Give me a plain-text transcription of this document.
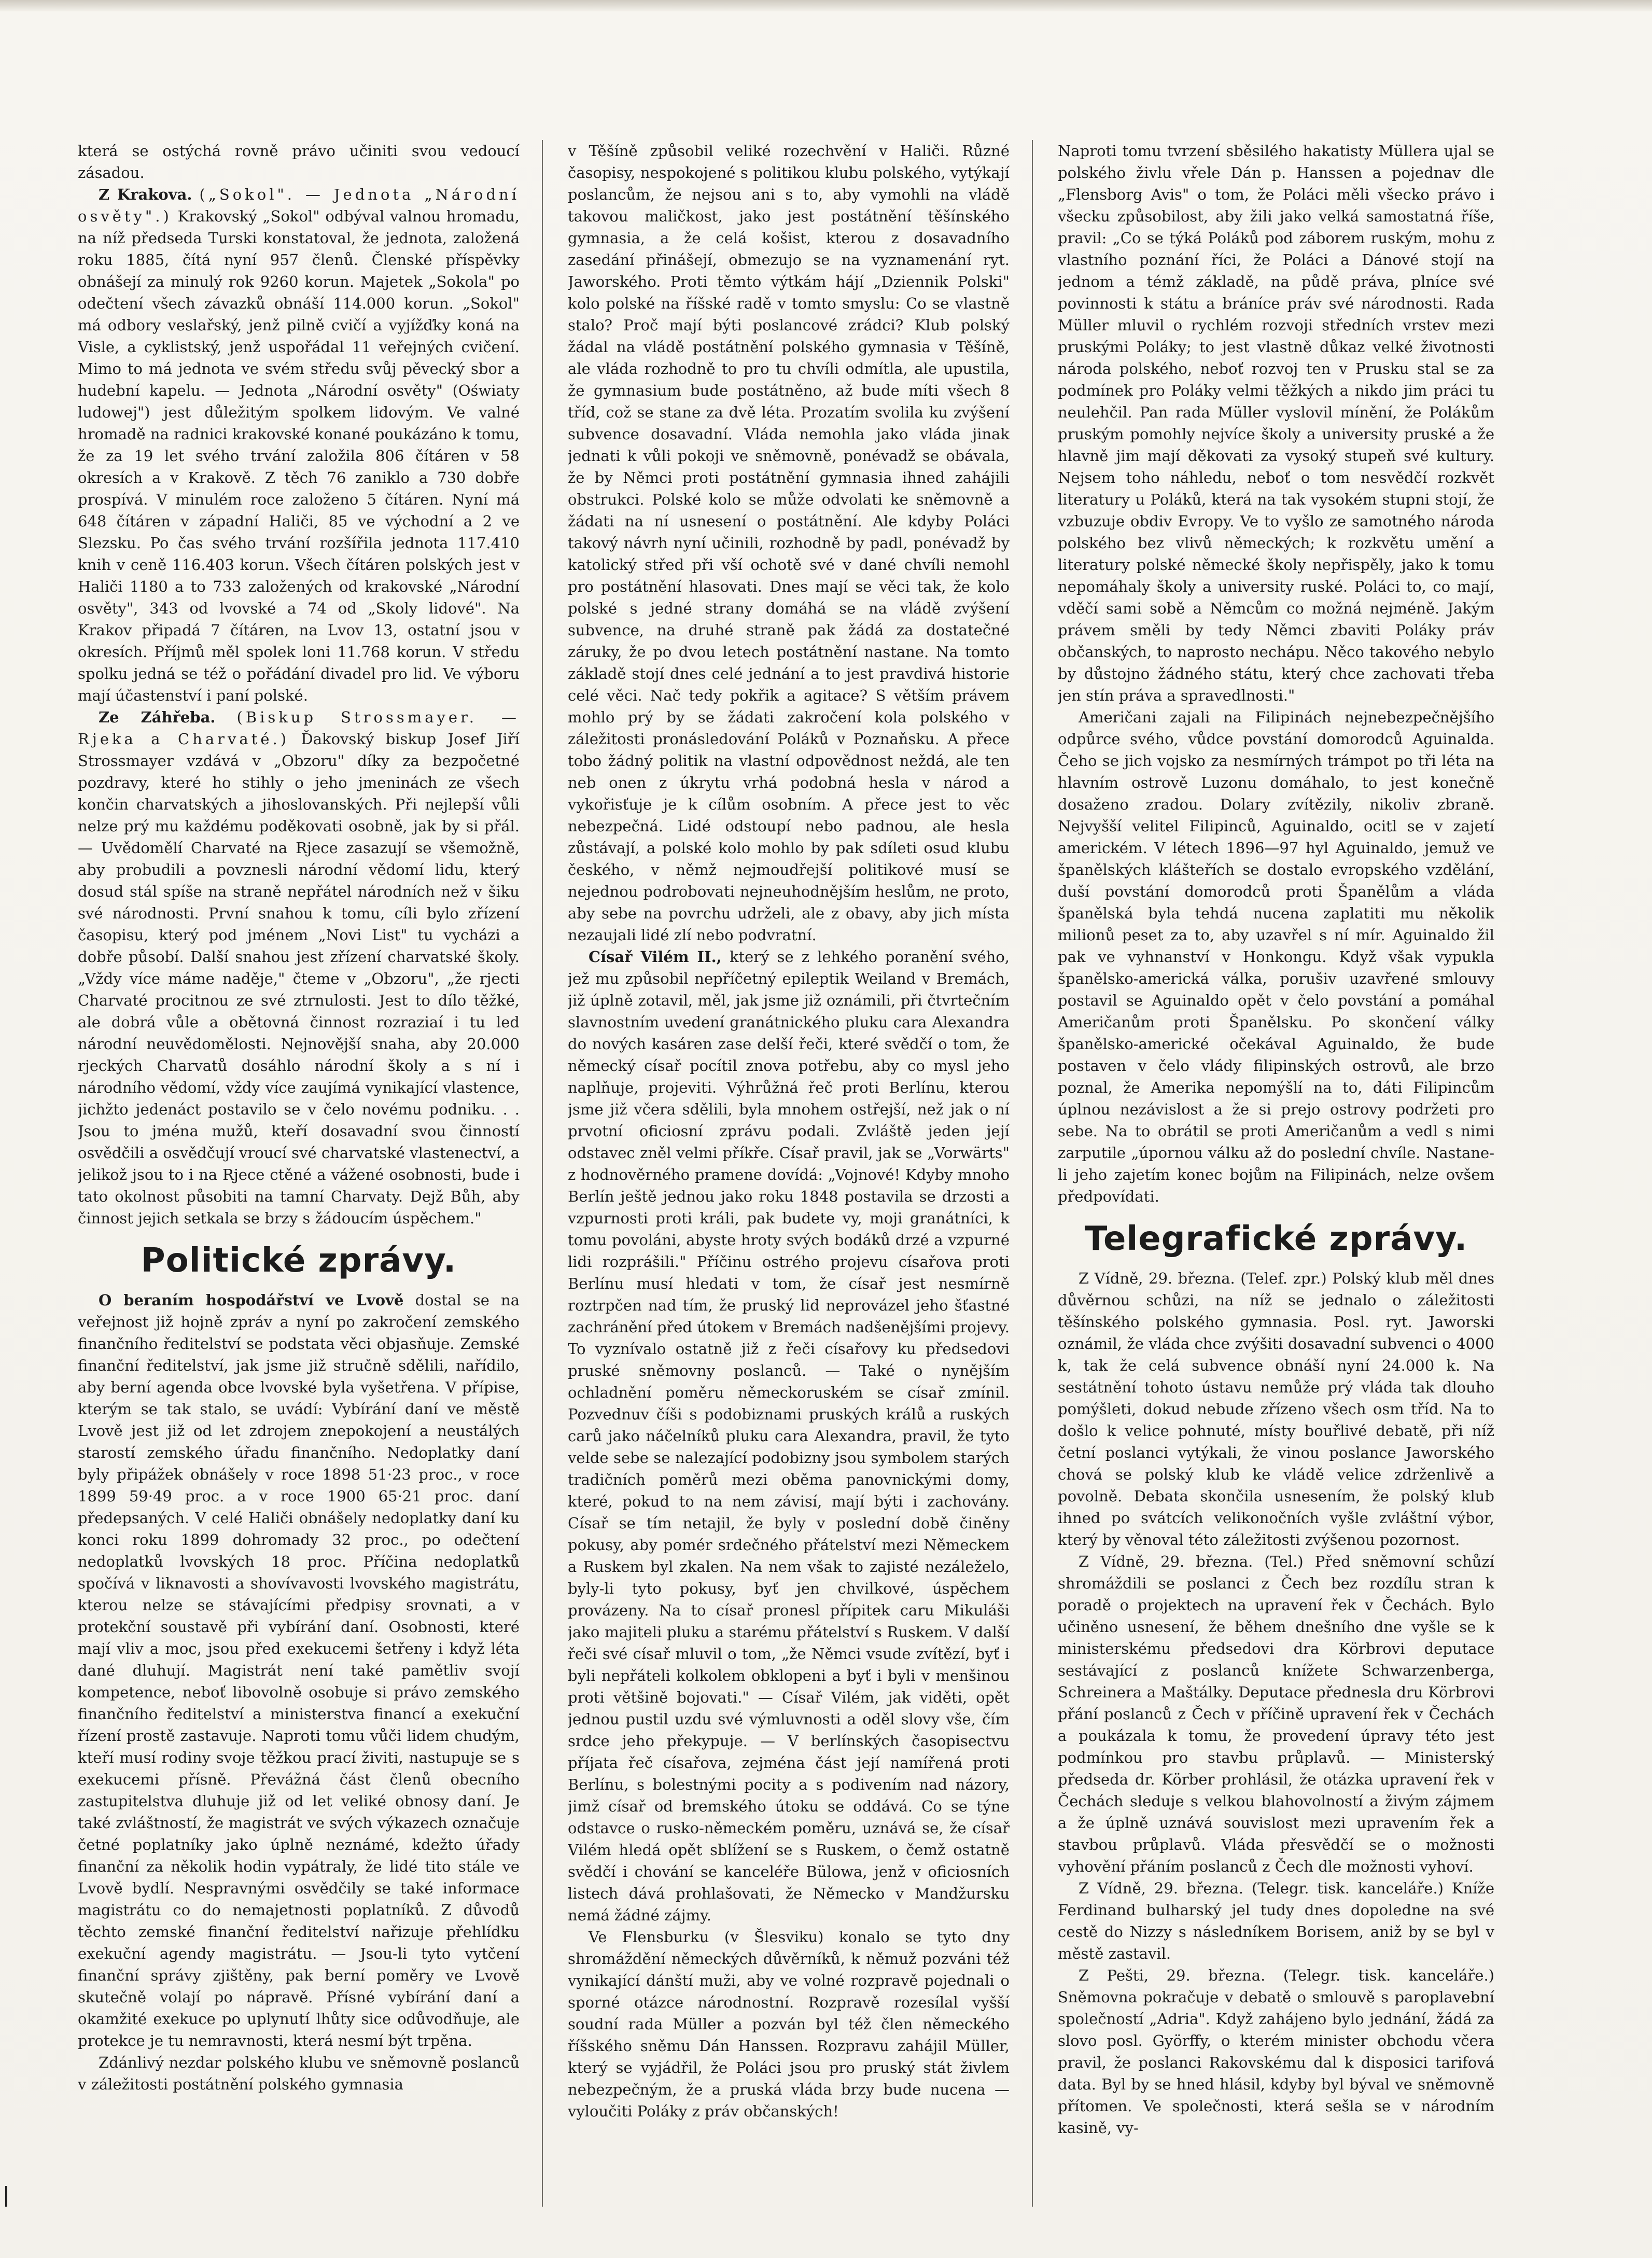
která se ostýchá rovně právo učiniti svou vedoucí zásadou.

Z Krakova. („Sokol". — Jednota „Národní osvěty".) Krakovský „Sokol" odbýval valnou hromadu, na níž předseda Turski konstatoval, že jednota, založená roku 1885, čítá nyní 957 členů. Členské příspěvky obnášejí za minulý rok 9260 korun. Majetek „Sokola" po odečtení všech závazků obnáší 114.000 korun. „Sokol" má odbory veslařský, jenž pilně cvičí a vyjížďky koná na Visle, a cyklistský, jenž uspořádal 11 veřejných cvičení. Mimo to má jednota ve svém středu svůj pěvecký sbor a hudební kapelu. — Jednota „Národní osvěty" (Oświaty ludowej") jest důležitým spolkem lidovým. Ve valné hromadě na radnici krakovské konané poukázáno k tomu, že za 19 let svého trvání založila 806 čítáren v 58 okresích a v Krakově. Z těch 76 zaniklo a 730 dobře prospívá. V minulém roce založeno 5 čítáren. Nyní má 648 čítáren v západní Haliči, 85 ve východní a 2 ve Slezsku. Po čas svého trvání rozšířila jednota 117.410 knih v ceně 116.403 korun. Všech čítáren polských jest v Haliči 1180 a to 733 založených od krakovské „Národní osvěty", 343 od lvovské a 74 od „Skoly lidové". Na Krakov připadá 7 čítáren, na Lvov 13, ostatní jsou v okresích. Příjmů měl spolek loni 11.768 korun. V středu spolku jedná se též o pořádání divadel pro lid. Ve výboru mají účastenství i paní polské.

Ze Záhřeba. (Biskup Strossmayer. — Rjeka a Charvaté.) Ďakovský biskup Josef Jiří Strossmayer vzdává v „Obzoru" díky za bezpočetné pozdravy, které ho stihly o jeho jmeninách ze všech končin charvatských a jihoslovanských. Při nejlepší vůli nelze prý mu každému poděkovati osobně, jak by si přál. — Uvědomělí Charvaté na Rjece zasazují se všemožně, aby probudili a povznesli národní vědomí lidu, který dosud stál spíše na straně nepřátel národních než v šiku své národnosti. První snahou k tomu, cíli bylo zřízení časopisu, který pod jménem „Novi List" tu vycházi a dobře působí. Další snahou jest zřízení charvatské školy. „Vždy více máme naděje," čteme v „Obzoru", „že rjecti Charvaté procitnou ze své ztrnulosti. Jest to dílo těžké, ale dobrá vůle a obětovná činnost rozraziaí i tu led národní neuvědomělosti. Nejnovější snaha, aby 20.000 rjeckých Charvatů dosáhlo národní školy a s ní i národního vědomí, vždy více zaujímá vynikající vlastence, jichžto jedenáct postavilo se v čelo novému podniku. . . Jsou to jména mužů, kteří dosavadní svou činností osvědčili a osvědčují vroucí své charvatské vlastenectví, a jelikož jsou to i na Rjece ctěné a vážené osobnosti, bude i tato okolnost působiti na tamní Charvaty. Dejž Bůh, aby činnost jejich setkala se brzy s žádoucím úspěchem."

Politické zprávy.

O beraním hospodářství ve Lvově dostal se na veřejnost již hojně zpráv a nyní po zakročení zemského finančního ředitelství se podstata věci objasňuje. Zemské finanční ředitelství, jak jsme již stručně sdělili, nařídilo, aby berní agenda obce lvovské byla vyšetřena. V přípise, kterým se tak stalo, se uvádí: Vybírání daní ve městě Lvově jest již od let zdrojem znepokojení a neustálých starostí zemského úřadu finančního. Nedoplatky daní byly připážek obnášely v roce 1898 51·23 proc., v roce 1899 59·49 proc. a v roce 1900 65·21 proc. daní předepsaných. V celé Haliči obnášely nedoplatky daní ku konci roku 1899 dohromady 32 proc., po odečtení nedoplatků lvovských 18 proc. Příčina nedoplatků spočívá v liknavosti a shovívavosti lvovského magistrátu, kterou nelze se stávajícími předpisy srovnati, a v protekční soustavě při vybírání daní. Osobnosti, které mají vliv a moc, jsou před exekucemi šetřeny i když léta dané dluhují. Magistrát není také pamětliv svojí kompetence, neboť libovolně osobuje si právo zemského finančního ředitelství a ministerstva financí a exekuční řízení prostě zastavuje. Naproti tomu vůči lidem chudým, kteří musí rodiny svoje těžkou prací živiti, nastupuje se s exekucemi přísně. Převážná část členů obecního zastupitelstva dluhuje již od let veliké obnosy daní. Je také zvláštností, že magistrát ve svých výkazech označuje četné poplatníky jako úplně neznámé, kdežto úřady finanční za několik hodin vypátraly, že lidé tito stále ve Lvově bydlí. Nespravnými osvědčily se také informace magistrátu co do nemajetnosti poplatníků. Z důvodů těchto zemské finanční ředitelství nařizuje přehlídku exekuční agendy magistrátu. — Jsou-li tyto vytčení finanční správy zjištěny, pak berní poměry ve Lvově skutečně volají po nápravě. Přísné vybírání daní a okamžité exekuce po uplynutí lhůty sice odůvodňuje, ale protekce je tu nemravnosti, která nesmí být trpěna.

Zdánlivý nezdar polského klubu ve sněmovně poslanců v záležitosti postátnění polského gymnasia

v Těšíně způsobil veliké rozechvění v Haliči. Různé časopisy, nespokojené s politikou klubu polského, vytýkají poslancům, že nejsou ani s to, aby vymohli na vládě takovou maličkost, jako jest postátnění těšínského gymnasia, a že celá košist, kterou z dosavadního zasedání přinášejí, obmezujo se na vyznamenání ryt. Jaworského. Proti těmto výtkám hájí „Dziennik Polski" kolo polské na říšské radě v tomto smyslu: Co se vlastně stalo? Proč mají býti poslancové zrádci? Klub polský žádal na vládě postátnění polského gymnasia v Těšíně, ale vláda rozhodně to pro tu chvíli odmítla, ale upustila, že gymnasium bude postátněno, až bude míti všech 8 tříd, což se stane za dvě léta. Prozatím svolila ku zvýšení subvence dosavadní. Vláda nemohla jako vláda jinak jednati k vůli pokoji ve sněmovně, ponévadž se obávala, že by Němci proti postátnění gymnasia ihned zahájili obstrukci. Polské kolo se může odvolati ke sněmovně a žádati na ní usnesení o postátnění. Ale kdyby Poláci takový návrh nyní učinili, rozhodně by padl, ponévadž by katolický střed při vší ochotě své v dané chvíli nemohl pro postátnění hlasovati. Dnes mají se věci tak, že kolo polské s jedné strany domáhá se na vládě zvýšení subvence, na druhé straně pak žádá za dostatečné záruky, že po dvou letech postátnění nastane. Na tomto základě stojí dnes celé jednání a to jest pravdivá historie celé věci. Nač tedy pokřik a agitace? S větším právem mohlo prý by se žádati zakročení kola polského v záležitosti pronásledování Poláků v Poznaňsku. A přece tobo žádný politik na vlastní odpovědnost neždá, ale ten neb onen z úkrytu vrhá podobná hesla v národ a vykořisťuje je k cílům osobním. A přece jest to věc nebezpečná. Lidé odstoupí nebo padnou, ale hesla zůstávají, a polské kolo mohlo by pak sdíleti osud klubu českého, v němž nejmoudřejší politikové musí se nejednou podrobovati nejneuhodnějším heslům, ne proto, aby sebe na povrchu udrželi, ale z obavy, aby jich místa nezaujali lidé zlí nebo podvratní.

Císař Vilém II., který se z lehkého poranění svého, jež mu způsobil nepříčetný epileptik Weiland v Bremách, již úplně zotavil, měl, jak jsme již oznámili, při čtvrtečním slavnostním uvedení granátnického pluku cara Alexandra do nových kasáren zase delší řeči, které svědčí o tom, že německý císař pocítil znova potřebu, aby co mysl jeho naplňuje, projeviti. Výhrůžná řeč proti Berlínu, kterou jsme již včera sdělili, byla mnohem ostřejší, než jak o ní prvotní oficiosní zprávu podali. Zvláště jeden její odstavec zněl velmi příkře. Císař pravil, jak se „Vorwärts" z hodnověrného pramene dovídá: „Vojnové! Kdyby mnoho Berlín ještě jednou jako roku 1848 postavila se drzosti a vzpurnosti proti králi, pak budete vy, moji granátníci, k tomu povoláni, abyste hroty svých bodáků drzé a vzpurné lidi rozprášili." Příčinu ostrého projevu císařova proti Berlínu musí hledati v tom, že císař jest nesmírně roztrpčen nad tím, že pruský lid neprovázel jeho šťastné zachránění před útokem v Bremách nadšenějšími projevy. To vyznívalo ostatně již z řeči císařovy ku předsedovi pruské sněmovny poslanců. — Také o nynějším ochladnění poměru německoruském se císař zmínil. Pozvednuv číši s podobiznami pruských králů a ruských carů jako náčelníků pluku cara Alexandra, pravil, že tyto velde sebe se nalezající podobizny jsou symbolem starých tradičních poměrů mezi oběma panovnickými domy, které, pokud to na nem závisí, mají býti i zachovány. Císař se tím netajil, že byly v poslední době činěny pokusy, aby pomér srdečného přátelství mezi Německem a Ruskem byl zkalen. Na nem však to zajisté nezáleželo, byly-li tyto pokusy, byť jen chvilkové, úspěchem provázeny. Na to císař pronesl přípitek caru Mikuláši jako majiteli pluku a starému přátelství s Ruskem. V další řeči své císař mluvil o tom, „že Němci vsude zvítězí, byť i byli nepřáteli kolkolem obklopeni a byť i byli v menšinou proti většině bojovati." — Císař Vilém, jak viděti, opět jednou pustil uzdu své výmluvnosti a oděl slovy vše, čím srdce jeho překypuje. — V berlínských časopisectvu příjata řeč císařova, zejména část její namířená proti Berlínu, s bolestnými pocity a s podivením nad názory, jimž císař od bremského útoku se oddává. Co se týne odstavce o rusko-německém poměru, uznává se, že císař Vilém hledá opět sblížení se s Ruskem, o čemž ostatně svědčí i chování se kanceléře Bülowa, jenž v oficiosních listech dává prohlašovati, že Německo v Mandžursku nemá žádné zájmy.

Ve Flensburku (v Šlesviku) konalo se tyto dny shromáždění německých důvěrníků, k němuž pozváni též vynikající dánští muži, aby ve volné rozpravě pojednali o sporné otázce národnostní. Rozpravě rozesílal vyšší soudní rada Müller a pozván byl též člen německého říšského sněmu Dán Hanssen. Rozpravu zahájil Müller, který se vyjádřil, že Poláci jsou pro pruský stát živlem nebezpečným, že a pruská vláda brzy bude nucena — vyloučiti Poláky z práv občanských!

Naproti tomu tvrzení sběsilého hakatisty Müllera ujal se polského živlu vřele Dán p. Hanssen a pojednav dle „Flensborg Avis" o tom, že Poláci měli všecko právo i všecku způsobilost, aby žili jako velká samostatná říše, pravil: „Co se týká Poláků pod záborem ruským, mohu z vlastního poznání říci, že Poláci a Dánové stojí na jednom a témž základě, na půdě práva, plníce své povinnosti k státu a bráníce práv své národnosti. Rada Müller mluvil o rychlém rozvoji středních vrstev mezi pruskými Poláky; to jest vlastně důkaz velké životnosti národa polského, neboť rozvoj ten v Prusku stal se za podmínek pro Poláky velmi těžkých a nikdo jim práci tu neulehčil. Pan rada Müller vyslovil mínění, že Polákům pruským pomohly nejvíce školy a university pruské a že hlavně jim mají děkovati za vysoký stupeň své kultury. Nejsem toho náhledu, neboť o tom nesvědčí rozkvět literatury u Poláků, která na tak vysokém stupni stojí, že vzbuzuje obdiv Evropy. Ve to vyšlo ze samotného národa polského bez vlivů německých; k rozkvětu umění a literatury polské německé školy nepřispěly, jako k tomu nepomáhaly školy a university ruské. Poláci to, co mají, vděčí sami sobě a Němcům co možná nejméně. Jakým právem směli by tedy Němci zbaviti Poláky práv občanských, to naprosto nechápu. Něco takového nebylo by důstojno žádného státu, který chce zachovati třeba jen stín práva a spravedlnosti."

Američani zajali na Filipinách nejnebezpečnějšího odpůrce svého, vůdce povstání domorodců Aguinalda. Čeho se jich vojsko za nesmírných trámpot po tři léta na hlavním ostrově Luzonu domáhalo, to jest konečně dosaženo zradou. Dolary zvítězily, nikoliv zbraně. Nejvyšší velitel Filipinců, Aguinaldo, ocitl se v zajetí americkém. V létech 1896—97 hyl Aguinaldo, jemuž ve španělských klášteřích se dostalo evropského vzdělání, duší povstání domorodců proti Španělům a vláda španělská byla tehdá nucena zaplatiti mu několik milionů peset za to, aby uzavřel s ní mír. Aguinaldo žil pak ve vyhnanství v Honkongu. Když však vypukla španělsko-americká válka, porušiv uzavřené smlouvy postavil se Aguinaldo opět v čelo povstání a pomáhal Američanům proti Španělsku. Po skončení války španělsko-americké očekával Aguinaldo, že bude postaven v čelo vlády filipinských ostrovů, ale brzo poznal, že Amerika nepomýšlí na to, dáti Filipincům úplnou nezávislost a že si prejo ostrovy podržeti pro sebe. Na to obrátil se proti Američanům a vedl s nimi zarputile „úpornou válku až do poslední chvíle. Nastane-li jeho zajetím konec bojům na Filipinách, nelze ovšem předpovídati.

Telegrafické zprávy.

Z Vídně, 29. března. (Telef. zpr.) Polský klub měl dnes důvěrnou schůzi, na níž se jednalo o záležitosti těšínského polského gymnasia. Posl. ryt. Jaworski oznámil, že vláda chce zvýšiti dosavadní subvenci o 4000 k, tak že celá subvence obnáší nyní 24.000 k. Na sestátnění tohoto ústavu nemůže prý vláda tak dlouho pomýšleti, dokud nebude zřízeno všech osm tříd. Na to došlo k velice pohnuté, místy bouřlivé debatě, při níž četní poslanci vytýkali, že vinou poslance Jaworského chová se polský klub ke vládě velice zdrženlivě a povolně. Debata skončila usnesením, že polský klub ihned po svátcích velikonočních vyšle zvláštní výbor, který by věnoval této záležitosti zvýšenou pozornost.

Z Vídně, 29. března. (Tel.) Před sněmovní schůzí shromáždili se poslanci z Čech bez rozdílu stran k poradě o projektech na upravení řek v Čechách. Bylo učiněno usnesení, že během dnešního dne vyšle se k ministerskému předsedovi dra Körbrovi deputace sestávající z poslanců knížete Schwarzenberga, Schreinera a Maštálky. Deputace přednesla dru Körbrovi přání poslanců z Čech v příčině upravení řek v Čechách a poukázala k tomu, že provedení úpravy této jest podmínkou pro stavbu průplavů. — Ministerský předseda dr. Körber prohlásil, že otázka upravení řek v Čechách sleduje s velkou blahovolností a živým zájmem a že úplně uznává souvislost mezi upravením řek a stavbou průplavů. Vláda přesvědčí se o možnosti vyhovění přáním poslanců z Čech dle možnosti vyhoví.

Z Vídně, 29. března. (Telegr. tisk. kanceláře.) Kníže Ferdinand bulharský jel tudy dnes dopoledne na své cestě do Nizzy s následníkem Borisem, aniž by se byl v městě zastavil.

Z Pešti, 29. března. (Telegr. tisk. kanceláře.) Sněmovna pokračuje v debatě o smlouvě s paroplavební společností „Adria". Když zahájeno bylo jednání, žádá za slovo posl. Györffy, o kterém minister obchodu včera pravil, že poslanci Rakovskému dal k disposici tarifová data. Byl by se hned hlásil, kdyby byl býval ve sněmovně přítomen. Ve společnosti, která sešla se v národním kasině, vy-
